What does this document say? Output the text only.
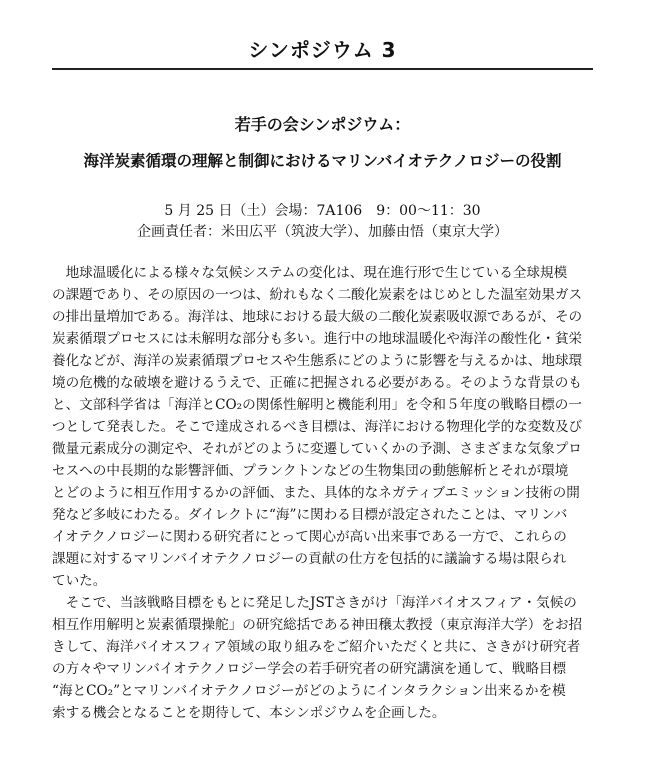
シンポジウム 3
若手の会シンポジウム：
海洋炭素循環の理解と制御におけるマリンバイオテクノロジーの役割
5 月 25 日（土）会場：7A106　9：00〜11：30
企画責任者：米田広平（筑波大学）、加藤由悟（東京大学）
　地球温暖化による様々な気候システムの変化は、現在進行形で生じている全球規模
の課題であり、その原因の一つは、紛れもなく二酸化炭素をはじめとした温室効果ガス
の排出量増加である。海洋は、地球における最大級の二酸化炭素吸収源であるが、その
炭素循環プロセスには未解明な部分も多い。進行中の地球温暖化や海洋の酸性化・貧栄
養化などが、海洋の炭素循環プロセスや生態系にどのように影響を与えるかは、地球環
境の危機的な破壊を避けるうえで、正確に把握される必要がある。そのような背景のも
と、文部科学省は「海洋とCO₂の関係性解明と機能利用」を令和５年度の戦略目標の一
つとして発表した。そこで達成されるべき目標は、海洋における物理化学的な変数及び
微量元素成分の測定や、それがどのように変遷していくかの予測、さまざまな気象プロ
セスへの中長期的な影響評価、プランクトンなどの生物集団の動態解析とそれが環境
とどのように相互作用するかの評価、また、具体的なネガティブエミッション技術の開
発など多岐にわたる。ダイレクトに“海”に関わる目標が設定されたことは、マリンバ
イオテクノロジーに関わる研究者にとって関心が高い出来事である一方で、これらの
課題に対するマリンバイオテクノロジーの貢献の仕方を包括的に議論する場は限られ
ていた。
　そこで、当該戦略目標をもとに発足したJSTさきがけ「海洋バイオスフィア・気候の
相互作用解明と炭素循環操舵」の研究総括である神田穣太教授（東京海洋大学）をお招
きして、海洋バイオスフィア領域の取り組みをご紹介いただくと共に、さきがけ研究者
の方々やマリンバイオテクノロジー学会の若手研究者の研究講演を通して、戦略目標
“海とCO₂”とマリンバイオテクノロジーがどのようにインタラクション出来るかを模
索する機会となることを期待して、本シンポジウムを企画した。
